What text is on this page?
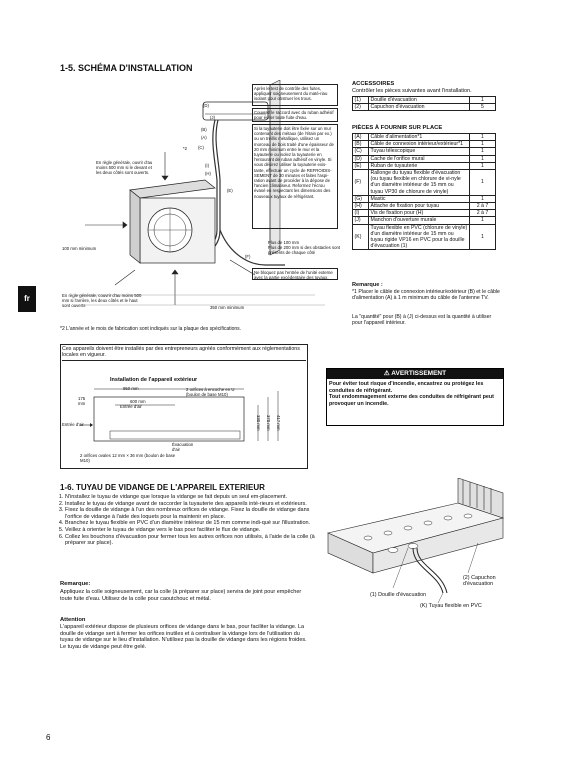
1-5. SCHÉMA D'INSTALLATION
Après le test de contrôle des fuites, appliquer soigneusement du maté-riau isolant pour obstruer les trous.
Couvrez le raccord avec du ruban adhésif pour éviter toute fuite d'eau.
Si la tuyauterie doit être fixée sur un mur contenant des métaux (de l'étain par ex.) ou un treillis métallique, utilisez un morceau de bois traité d'une épaisseur de 20 mm minimum entre le mur et la tuyauterie ou isolez la tuyauterie en l'entourant de ruban adhésif en vinyle. Si vous désirez utiliser la tuyauterie exis-tante, effectuer un cycle de REFROIDIS-SEMENT de 30 minutes et faites l'aspi-ration avant de procéder à la dépose de l'ancien climatiseur. Reformez l'écrou évasé en respectant les dimensions des nouveaux tuyaux de réfrigérant.
En règle générale, ouvrir d'au moins 500 mm si le devant et les deux côtés sont ouverts.
100 mm minimum
Plus de 100 mm
Plus de 200 mm si des obstacles sont présents de chaque côté
Ne bloquez pas l'entrée de l'unité externe avec la partie excédentaire des tuyaux.
En règle générale, couvrir d'au moins 500 mm si l'arrière, les deux côtés et le haut sont ouverts	350 mm minimum
*2
(D)
(J)
(B)
(A)
(C)
(I)
(H)
(E)
(F)
*2 L'année et le mois de fabrication sont indiqués sur la plaque des spécifications.
fr
ACCESSOIRES
Contrôler les pièces suivantes avant l'installation.
(1)	Douille d'évacuation	1
(2)	Capuchon d'évacuation	5
PIÈCES À FOURNIR SUR PLACE
(A)	Câble d'alimentation*1	1
(B)	Câble de connexion intérieur/extérieur*1	1
(C)	Tuyau télescopique	1
(D)	Cache de l'orifice mural	1
(E)	Ruban de tuyauterie	1
(F)	Rallonge du tuyau flexible d'évacuation (ou tuyau flexible en chlorure de vi-nyle d'un diamètre intérieur de 15 mm ou tuyau VP30 de chlorure de vinyle)	1
(G)	Mastic	1
(H)	Attache de fixation pour tuyau	2 à 7
(I)	Vis de fixation pour (H)	2 à 7
(J)	Manchon d'ouverture murale	1
(K)	Tuyau flexible en PVC (chlorure de vinyle) d'un diamètre intérieur de 15 mm ou tuyau rigide VP16 en PVC pour la douille d'évacuation (1)	1
Remarque :
*1 Placer le câble de connexion intérieur/extérieur (B) et le câble d'alimentation (A) à 1 m minimum du câble de l'antenne TV.
La "quantité" pour (B) à (J) ci-dessus est la quantité à utiliser pour l'appareil intérieur.
Ces appareils doivent être installés par des entrepreneurs agréés conformément aux réglementations locales en vigueur.
Installation de l'appareil extérieur
950 mm
600 mm
175 mm
330 mm 370 mm 417 mm
2 orifices à encoche en U (boulon de base M10)
2 orifices ovales 12 mm × 36 mm (boulon de base M10)
Entrée d'air
Entrée d'air
Évacuation d'air
⚠ AVERTISSEMENT
Pour éviter tout risque d'incendie, encastrez ou protégez les conduites de réfrigérant.
Tout endommagement externe des conduites de réfrigérant peut provoquer un incendie.
1-6. TUYAU DE VIDANGE DE L'APPAREIL EXTERIEUR
1. N'installez le tuyau de vidange que lorsque la vidange se fait depuis un seul em-placement.
2. Installez le tuyau de vidange avant de raccorder la tuyauterie des appareils inté-rieurs et extérieurs.
3. Fixez la douille de vidange à l'un des nombreux orifices de vidange. Fixez la douille de vidange dans l'orifice de vidange à l'aide des loquets pour la maintenir en place.
4. Branchez le tuyau flexible en PVC d'un diamètre intérieur de 15 mm comme indi-qué sur l'illustration.
5. Veillez à orienter le tuyau de vidange vers le bas pour faciliter le flux de vidange.
6. Collez les bouchons d'évacuation pour fermer tous les autres orifices non utilisés, à l'aide de la colle (à préparer sur place).
Remarque:
Appliquez la colle soigneusement, car la colle (à préparer sur place) servira de joint pour empêcher toute fuite d'eau. Utilisez de la colle pour caoutchouc et métal.
Attention
L'appareil extérieur dispose de plusieurs orifices de vidange dans le bas, pour faciliter la vidange. La douille de vidange sert à fermer les orifices inutiles et à centraliser la vidange lors de l'utilisation du tuyau de vidange sur le lieu d'installation. N'utilisez pas la douille de vidange dans les régions froides. Le tuyau de vidange peut être gelé.
(2) Capuchon d'évacuation
(1) Douille d'évacuation
(K) Tuyau flexible en PVC
6
